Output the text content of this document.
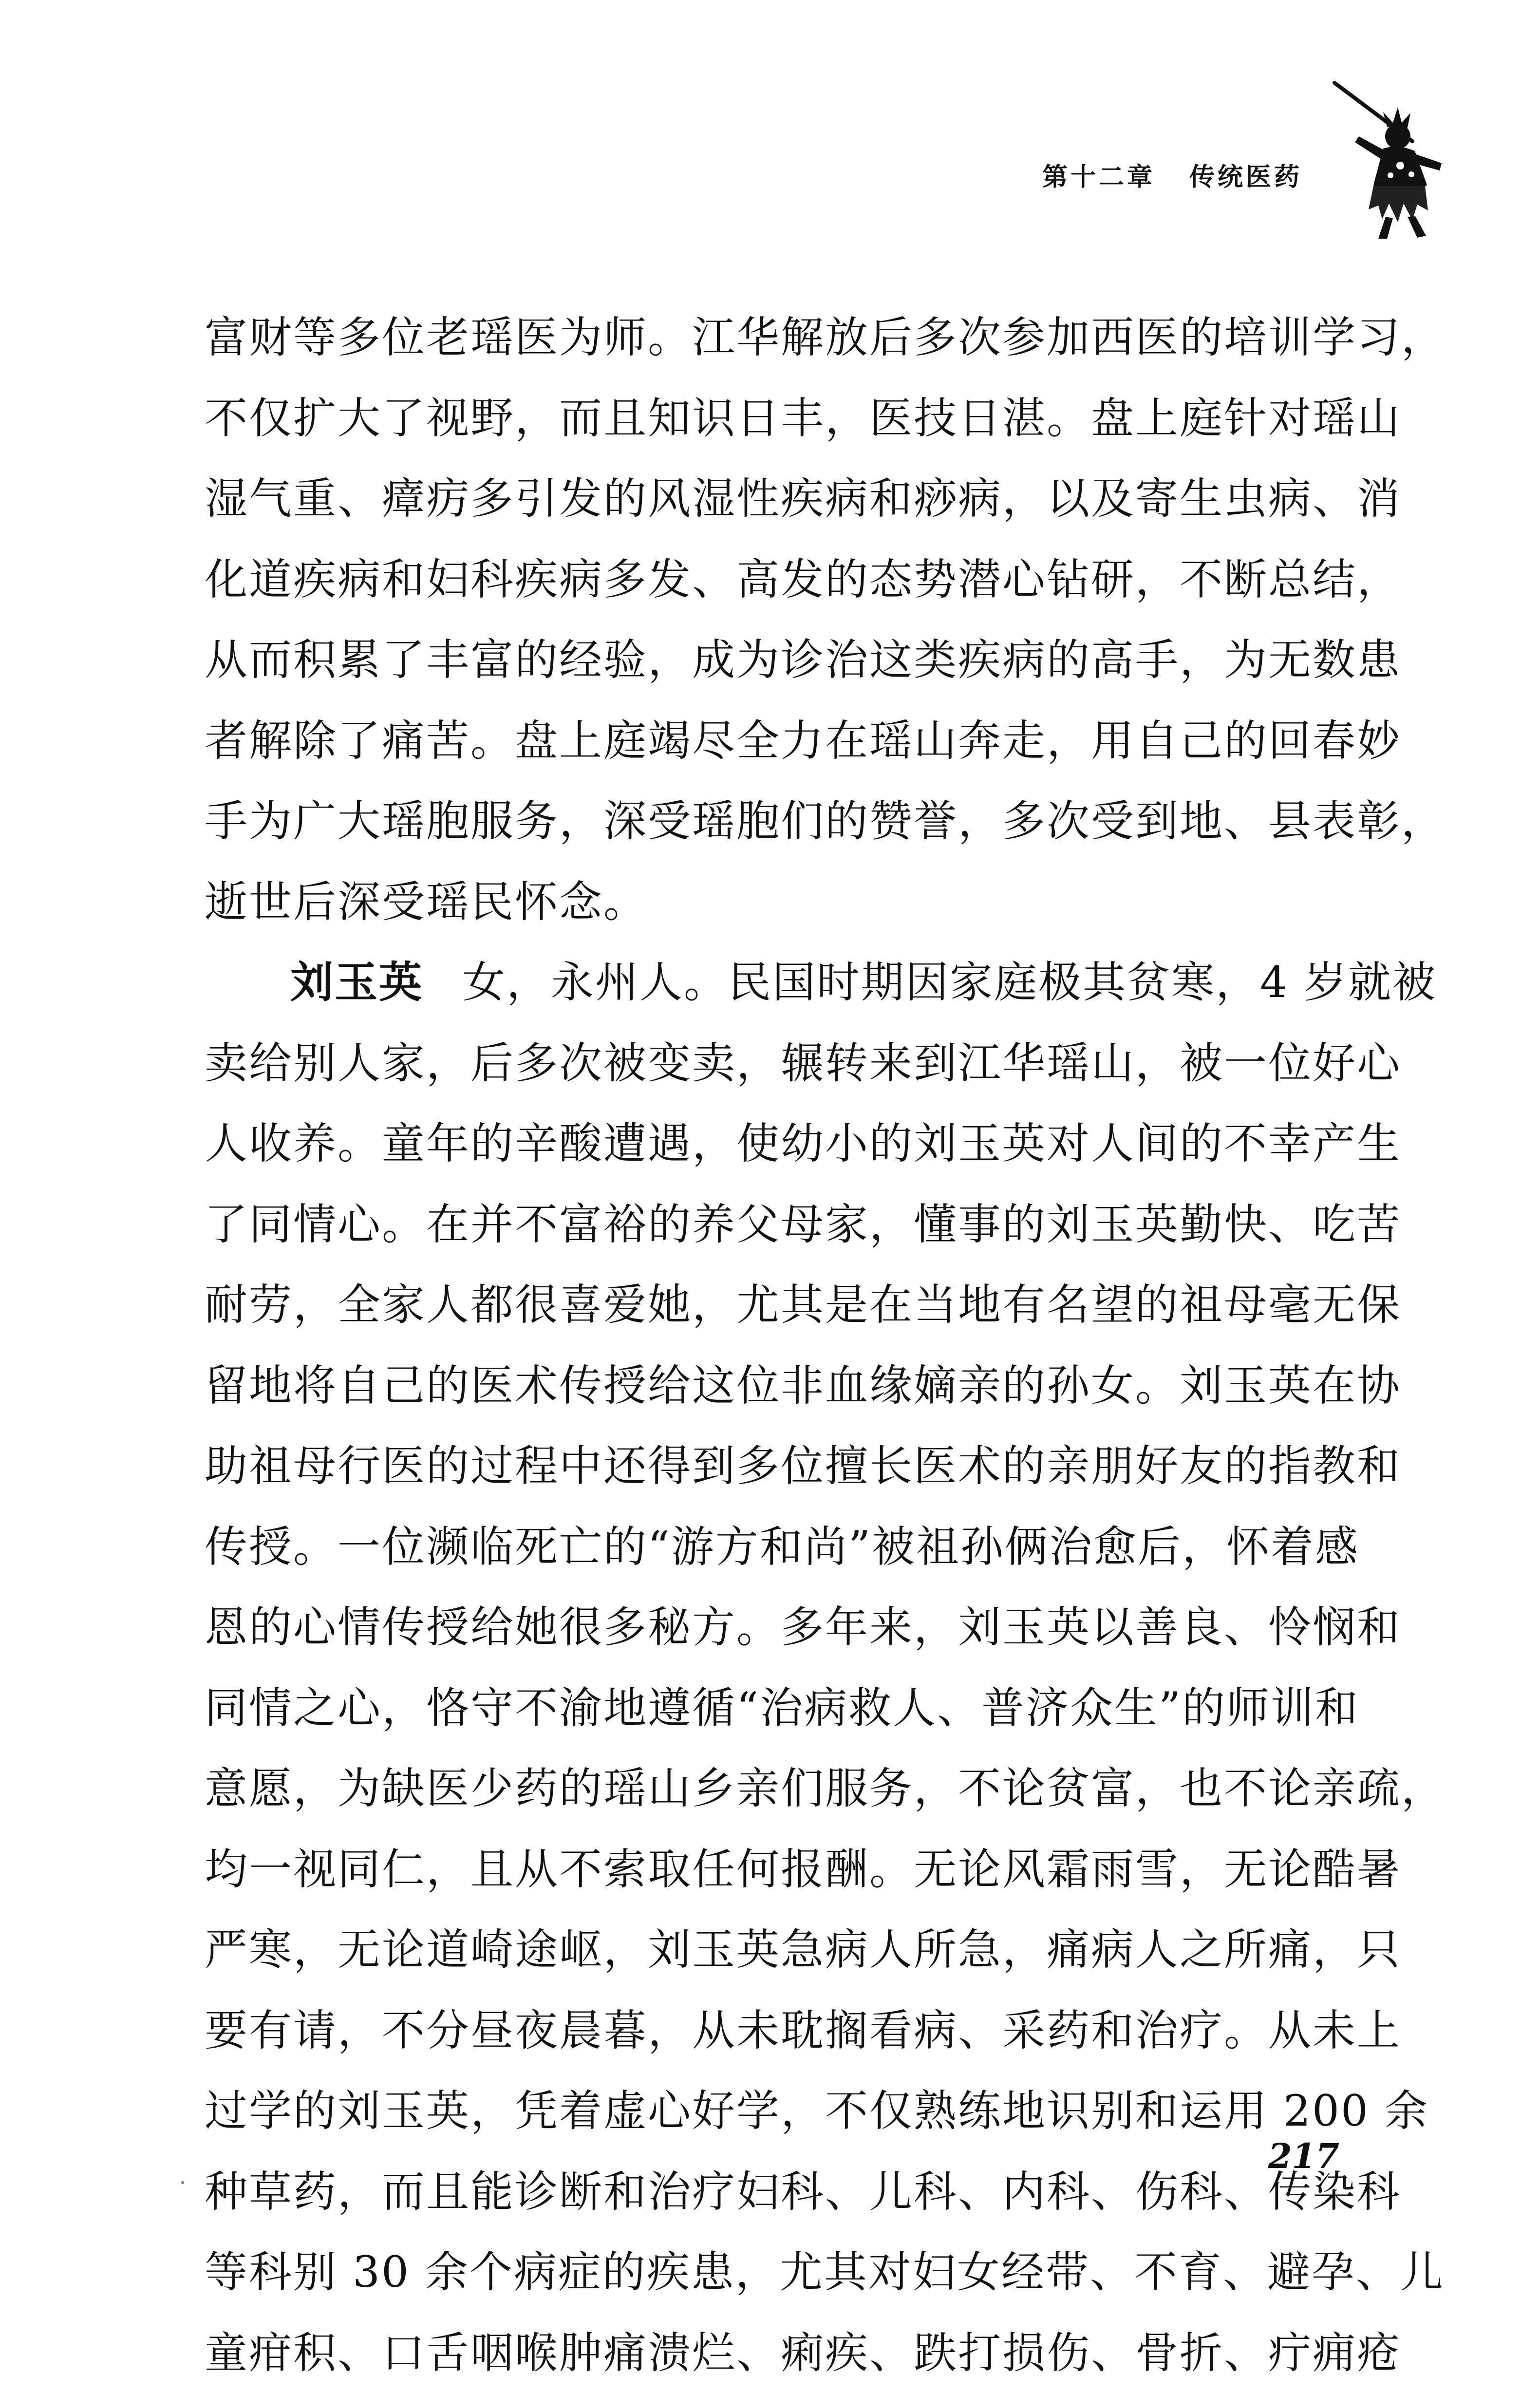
第十二章 传统医药
富财等多位老瑶医为师。江华解放后多次参加西医的培训学习，
不仅扩大了视野，而且知识日丰，医技日湛。盘上庭针对瑶山
湿气重、瘴疠多引发的风湿性疾病和痧病，以及寄生虫病、消
化道疾病和妇科疾病多发、高发的态势潜心钻研，不断总结，
从而积累了丰富的经验，成为诊治这类疾病的高手，为无数患
者解除了痛苦。盘上庭竭尽全力在瑶山奔走，用自己的回春妙
手为广大瑶胞服务，深受瑶胞们的赞誉，多次受到地、县表彰，
逝世后深受瑶民怀念。
刘玉英 女，永州人。民国时期因家庭极其贫寒，4 岁就被
卖给别人家，后多次被变卖，辗转来到江华瑶山，被一位好心
人收养。童年的辛酸遭遇，使幼小的刘玉英对人间的不幸产生
了同情心。在并不富裕的养父母家，懂事的刘玉英勤快、吃苦
耐劳，全家人都很喜爱她，尤其是在当地有名望的祖母毫无保
留地将自己的医术传授给这位非血缘嫡亲的孙女。刘玉英在协
助祖母行医的过程中还得到多位擅长医术的亲朋好友的指教和
传授。一位濒临死亡的“游方和尚”被祖孙俩治愈后，怀着感
恩的心情传授给她很多秘方。多年来，刘玉英以善良、怜悯和
同情之心，恪守不渝地遵循“治病救人、普济众生”的师训和
意愿，为缺医少药的瑶山乡亲们服务，不论贫富，也不论亲疏，
均一视同仁，且从不索取任何报酬。无论风霜雨雪，无论酷暑
严寒，无论道崎途岖，刘玉英急病人所急，痛病人之所痛，只
要有请，不分昼夜晨暮，从未耽搁看病、采药和治疗。从未上
过学的刘玉英，凭着虚心好学，不仅熟练地识别和运用 200 余
种草药，而且能诊断和治疗妇科、儿科、内科、伤科、传染科
等科别 30 余个病症的疾患，尤其对妇女经带、不育、避孕、儿
童疳积、口舌咽喉肿痛溃烂、痢疾、跌打损伤、骨折、疔痈疮
217
